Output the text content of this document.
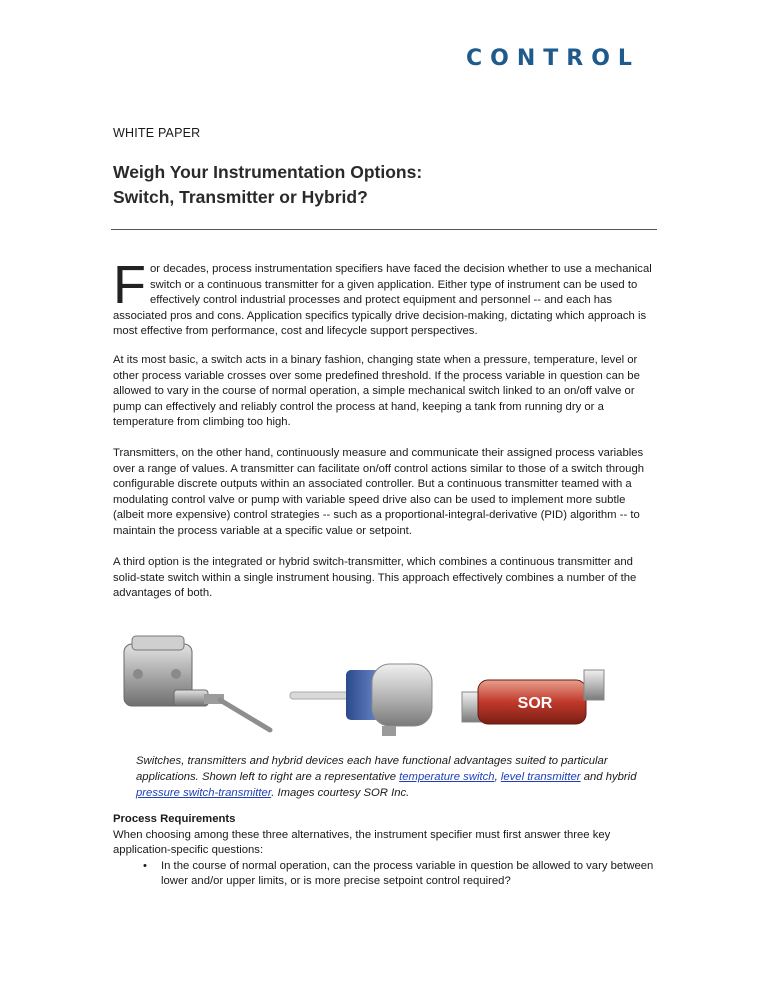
CONTROL
WHITE PAPER
Weigh Your Instrumentation Options:
Switch, Transmitter or Hybrid?
For decades, process instrumentation specifiers have faced the decision whether to use a mechanical switch or a continuous transmitter for a given application. Either type of instrument can be used to effectively control industrial processes and protect equipment and personnel -- and each has associated pros and cons. Application specifics typically drive decision-making, dictating which approach is most effective from performance, cost and lifecycle support perspectives.

At its most basic, a switch acts in a binary fashion, changing state when a pressure, temperature, level or other process variable crosses over some predefined threshold. If the process variable in question can be allowed to vary in the course of normal operation, a simple mechanical switch linked to an on/off valve or pump can effectively and reliably control the process at hand, keeping a tank from running dry or a temperature from climbing too high.

Transmitters, on the other hand, continuously measure and communicate their assigned process variables over a range of values. A transmitter can facilitate on/off control actions similar to those of a switch through configurable discrete outputs within an associated controller. But a continuous transmitter teamed with a modulating control valve or pump with variable speed drive also can be used to implement more subtle (albeit more expensive) control strategies -- such as a proportional-integral-derivative (PID) algorithm -- to maintain the process variable at a specific value or setpoint.

A third option is the integrated or hybrid switch-transmitter, which combines a continuous transmitter and solid-state switch within a single instrument housing. This approach effectively combines a number of the advantages of both.

SOR
Switches, transmitters and hybrid devices each have functional advantages suited to particular applications. Shown left to right are a representative temperature switch, level transmitter and hybrid pressure switch-transmitter. Images courtesy SOR Inc.
Process Requirements
When choosing among these three alternatives, the instrument specifier must first answer three key application-specific questions:
• In the course of normal operation, can the process variable in question be allowed to vary between lower and/or upper limits, or is more precise setpoint control required?
